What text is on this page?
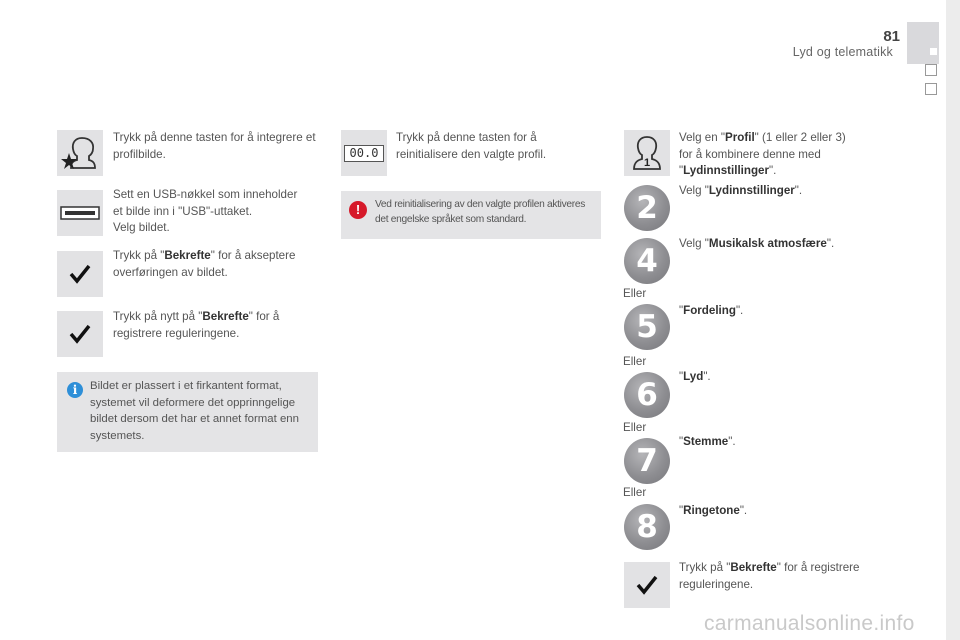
81
Lyd og telematikk
Trykk på denne tasten for å integrere et profilbilde.
Sett en USB-nøkkel som inneholder
et bilde inn i "USB"-uttaket.
Velg bildet.
Trykk på "Bekrefte" for å akseptere overføringen av bildet.
Trykk på nytt på "Bekrefte" for å registrere reguleringene.
i	Bildet er plassert i et firkantent format, systemet vil deformere det opprinngelige bildet dersom det har et annet format enn systemets.
00.0
Trykk på denne tasten for å reinitialisere den valgte profil.
!	Ved reinitialisering av den valgte profilen aktiveres det engelske språket som standard.
1
Velg en "Profil" (1 eller 2 eller 3) for å kombinere denne med "Lydinnstillinger".
2	Velg "Lydinnstillinger".
4	Velg "Musikalsk atmosfære".
Eller
5	"Fordeling".
Eller
6
"Lyd".
Eller
7
"Stemme".
Eller
8	"Ringetone".
Trykk på "Bekrefte" for å registrere reguleringene.
carmanualsonline.info
